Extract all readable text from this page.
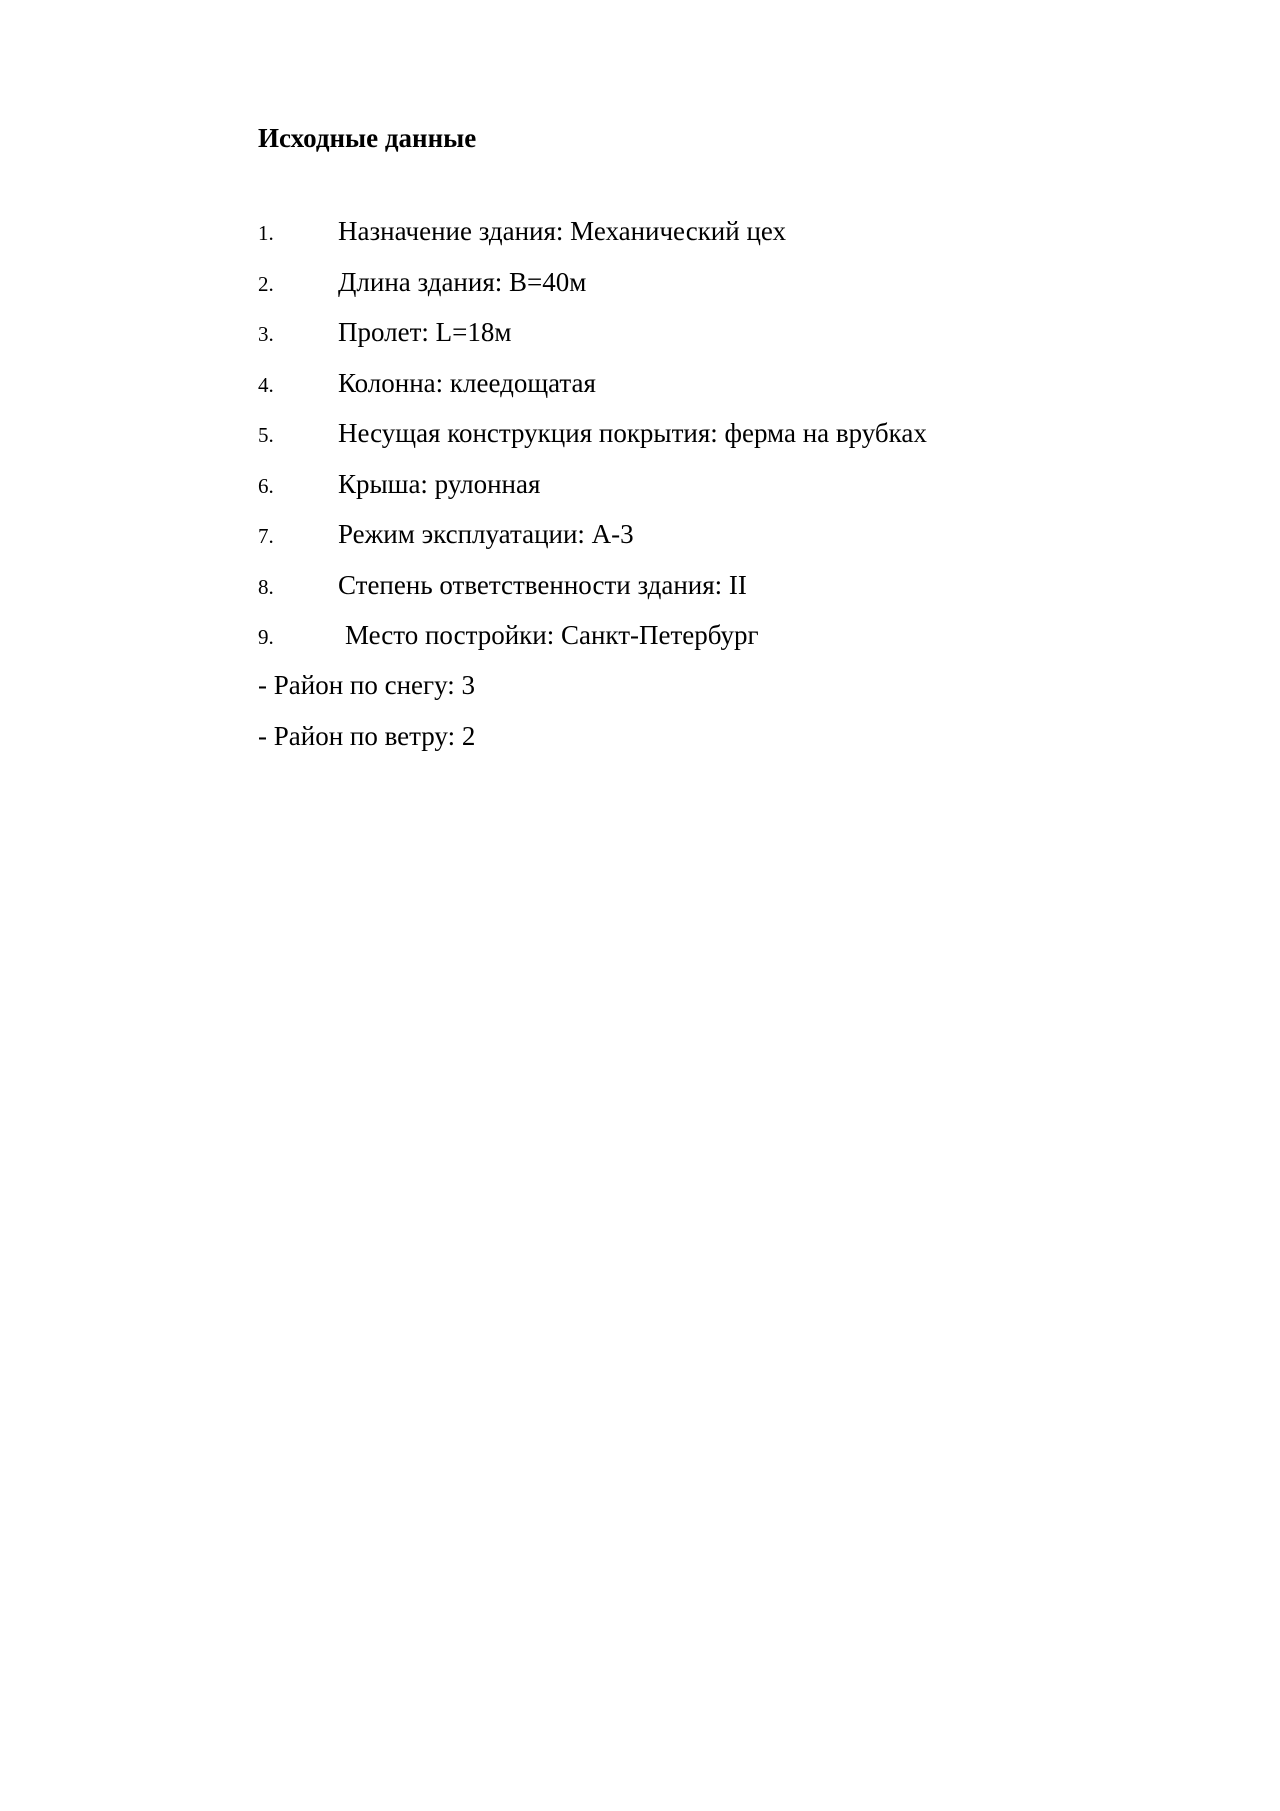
Исходные данные
1. Назначение здания: Механический цех
2. Длина здания: В=40м
3. Пролет: L=18м
4. Колонна: клеедощатая
5. Несущая конструкция покрытия: ферма на врубках
6. Крыша: рулонная
7. Режим эксплуатации: А-3
8. Степень ответственности здания: II
9.	Место постройки: Санкт-Петербург
- Район по снегу: 3
- Район по ветру: 2
